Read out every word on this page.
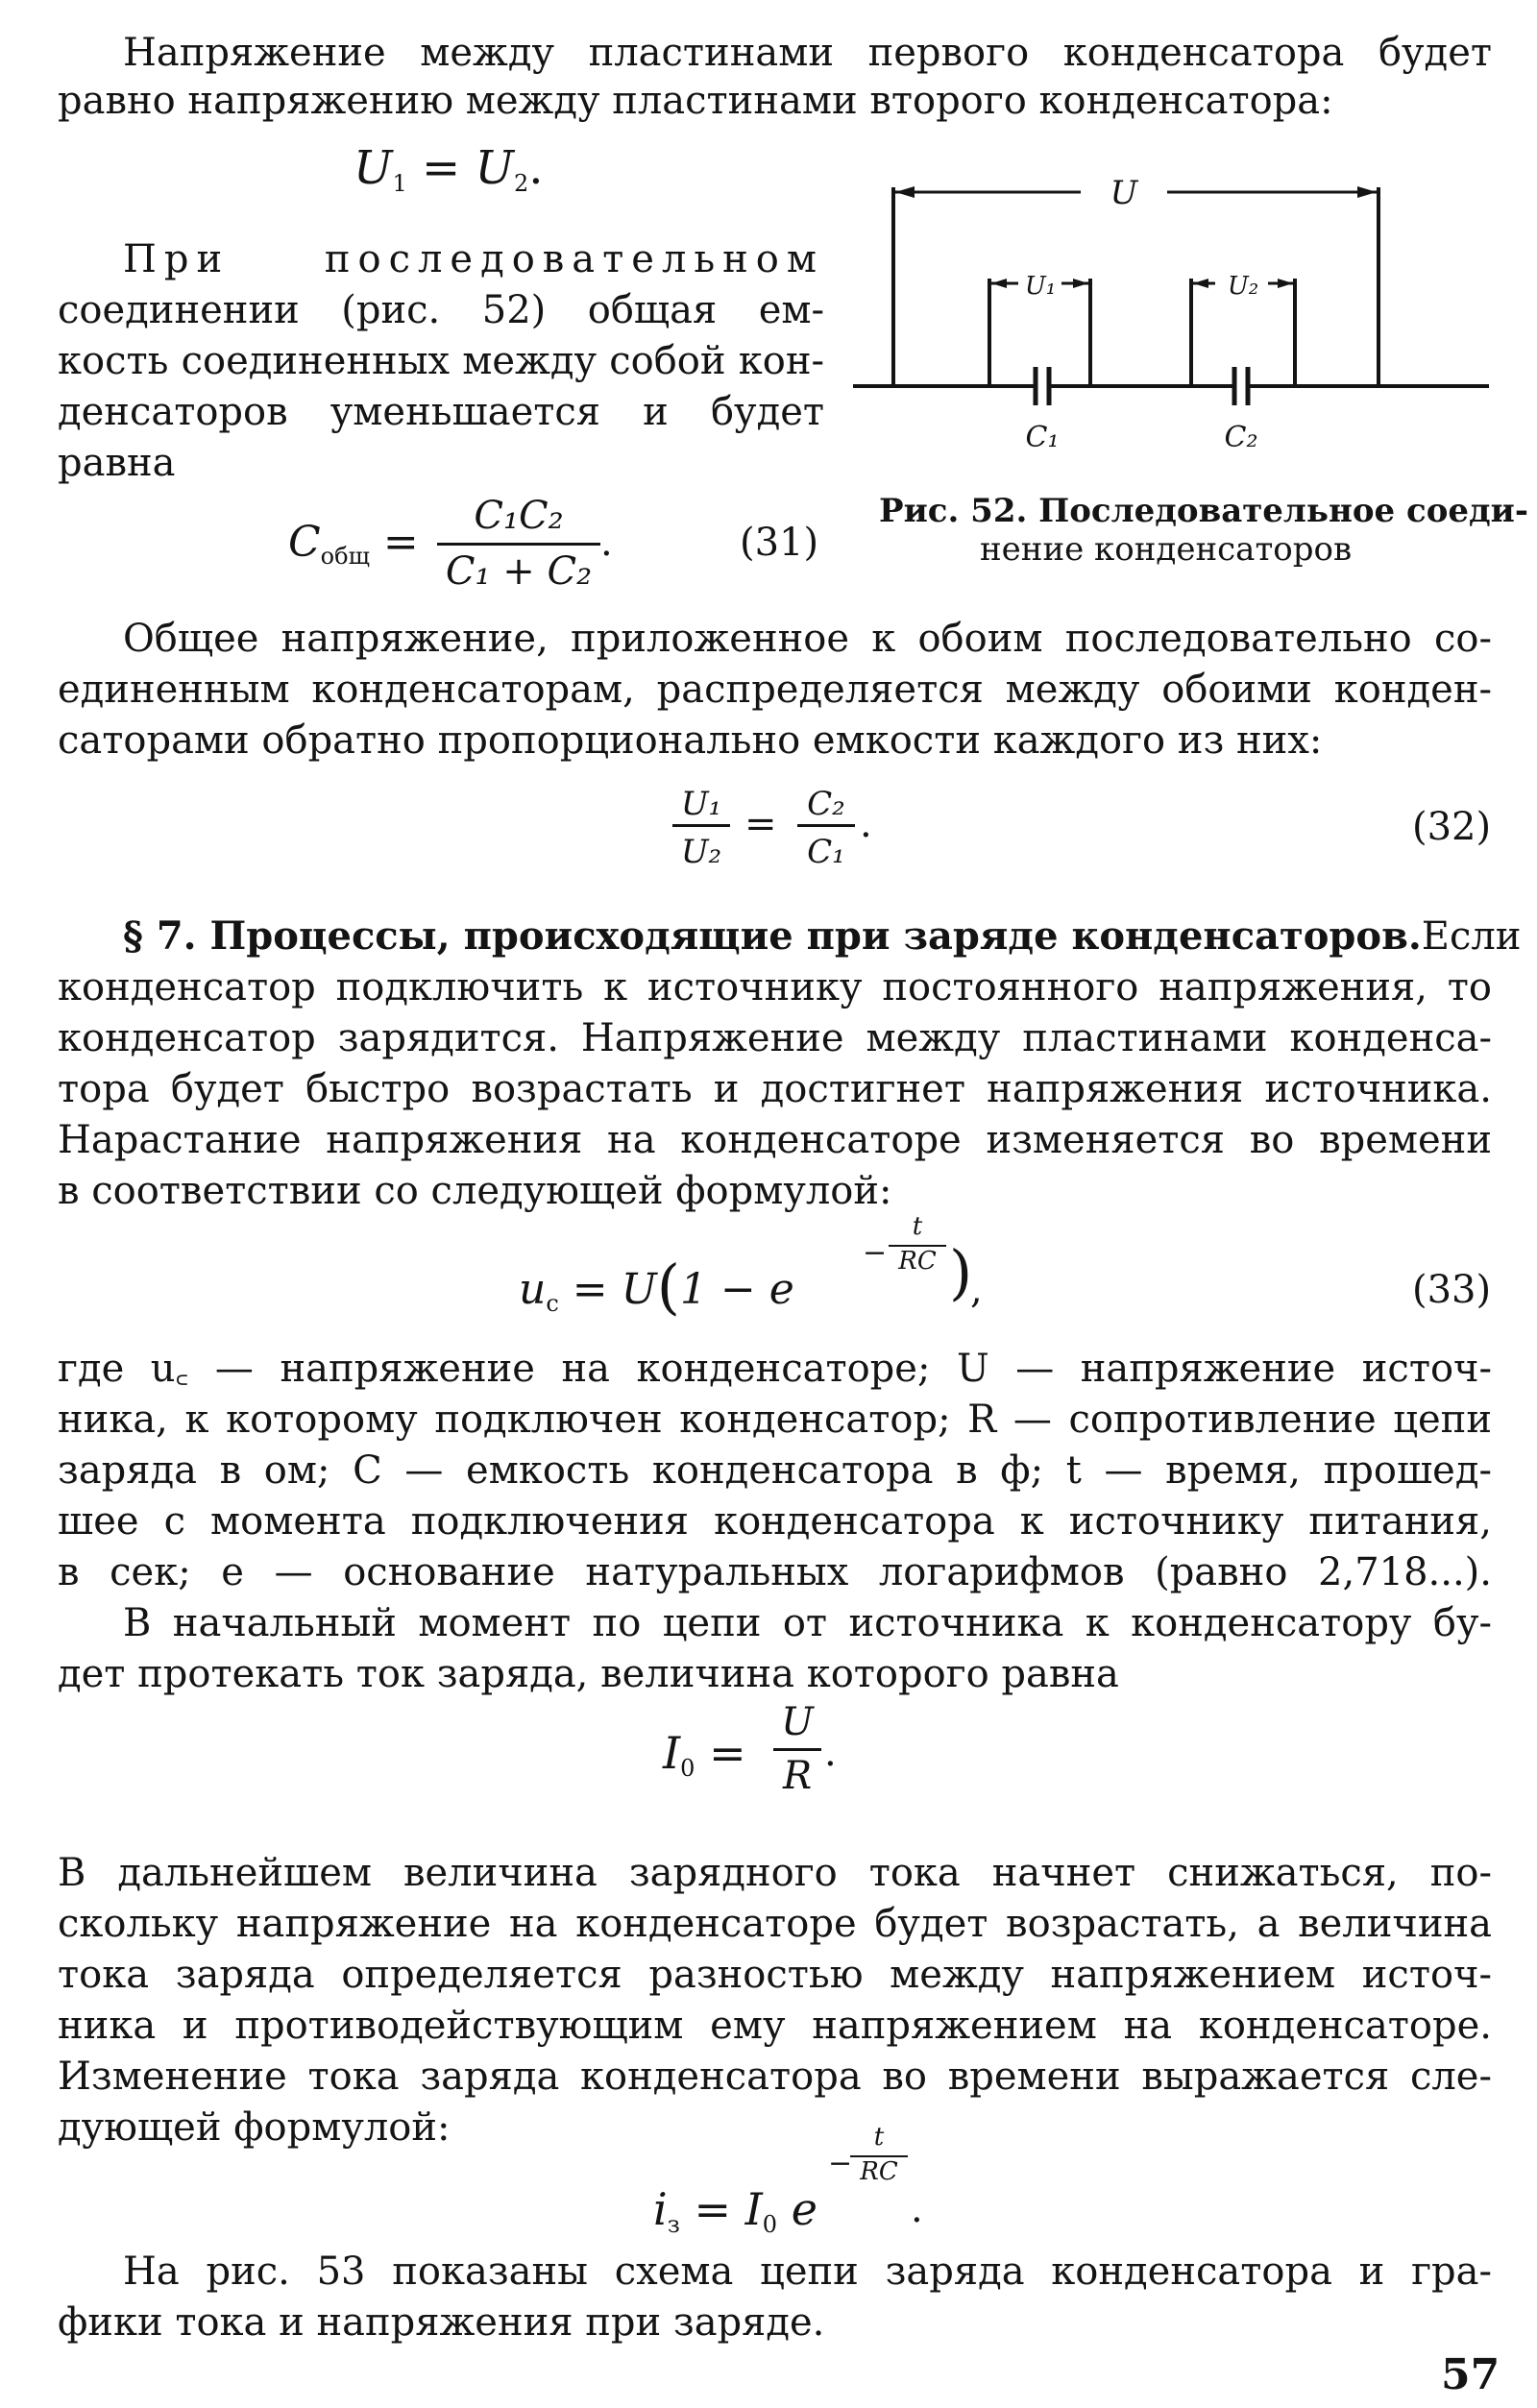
Напряжение между пластинами первого конденсатора будет
равно напряжению между пластинами второго конденсатора:
$U_1 = U_2$.
При последовательном
соединении (рис. 52) общая ем-
кость соединенных между собой кон-
денсаторов уменьшается и будет
равна
$C_{общ}$ =
C₁C₂
C₁ + C₂
.	(31)
U
U₁	U₂
C₁	C₂
Рис. 52. Последовательное соеди-
нение конденсаторов
Общее напряжение, приложенное к обоим последовательно со-
единенным конденсаторам, распределяется между обоими конден-
саторами обратно пропорционально емкости каждого из них:
U₁
U₂
= C₂
C₁
.	(32)
§ 7. Процессы, происходящие при заряде конденсаторов. Если
конденсатор подключить к источнику постоянного напряжения, то
конденсатор зарядится. Напряжение между пластинами конденса-
тора будет быстро возрастать и достигнет напряжения источника.
Нарастание напряжения на конденсаторе изменяется во времени
в соответствии со следующей формулой:
$u_c = U(1 - e$
t
− RC )
,	(33)
где u꜀ — напряжение на конденсаторе; U — напряжение источ-
ника, к которому подключен конденсатор; R — сопротивление цепи
заряда в ом; C — емкость конденсатора в ф; t — время, прошед-
шее с момента подключения конденсатора к источнику питания,
в сек; e — основание натуральных логарифмов (равно 2,718...).
В начальный момент по цепи от источника к конденсатору бу-
дет протекать ток заряда, величина которого равна
$I_0$ =
U
R
.
В дальнейшем величина зарядного тока начнет снижаться, по-
скольку напряжение на конденсаторе будет возрастать, а величина
тока заряда определяется разностью между напряжением источ-
ника и противодействующим ему напряжением на конденсаторе.
Изменение тока заряда конденсатора во времени выражается сле-
дующей формулой:
$i_з = I_0$ e
−
t
RC
.
На рис. 53 показаны схема цепи заряда конденсатора и гра-
фики тока и напряжения при заряде.
57
